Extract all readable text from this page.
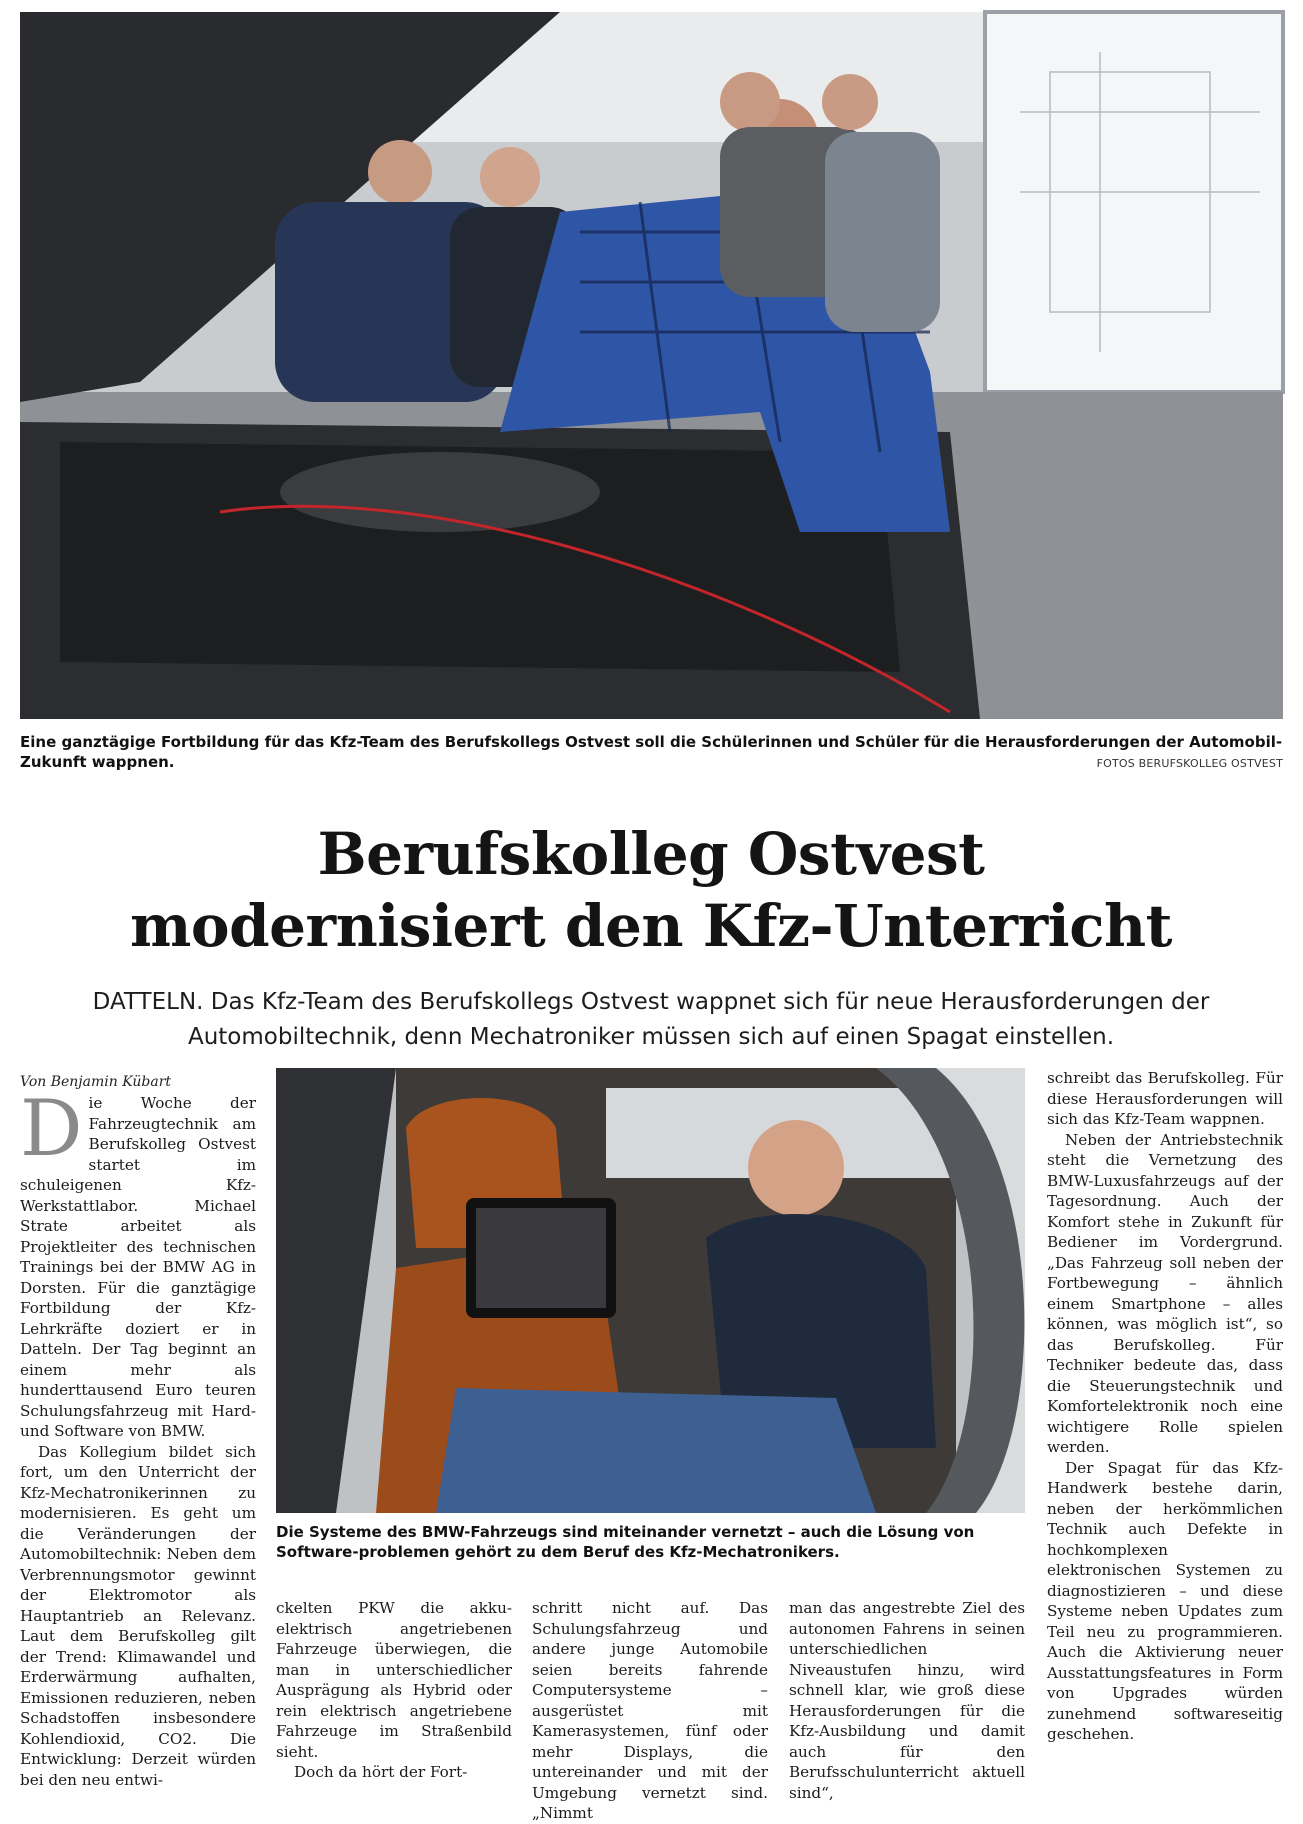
Eine ganztägige Fortbildung für das Kfz-Team des Berufskollegs Ostvest soll die Schülerinnen und Schüler für die Herausforderungen der Automobil-Zukunft wappnen.	FOTOS BERUFSKOLLEG OSTVEST
Berufskolleg Ostvest
modernisiert den Kfz-Unterricht
DATTELN. Das Kfz-Team des Berufskollegs Ostvest wappnet sich für neue Herausforderungen der
Automobiltechnik, denn Mechatroniker müssen sich auf einen Spagat einstellen.
Von Benjamin Kübart

Die Woche der Fahrzeugtechnik am Berufskolleg Ostvest startet im schuleigenen Kfz-Werkstattlabor. Michael Strate arbeitet als Projektleiter des technischen Trainings bei der BMW AG in Dorsten. Für die ganztägige Fortbildung der Kfz-Lehrkräfte doziert er in Datteln. Der Tag beginnt an einem mehr als hunderttausend Euro teuren Schulungsfahrzeug mit Hard- und Software von BMW.

Das Kollegium bildet sich fort, um den Unterricht der Kfz-Mechatronikerinnen zu modernisieren. Es geht um die Veränderungen der Automobiltechnik: Neben dem Verbrennungsmotor gewinnt der Elektromotor als Hauptantrieb an Relevanz. Laut dem Berufskolleg gilt der Trend: Klimawandel und Erderwärmung aufhalten, Emissionen reduzieren, neben Schadstoffen insbesondere Kohlendioxid, CO2. Die Entwicklung: Derzeit würden bei den neu entwi-

Die Systeme des BMW-Fahrzeugs sind miteinander vernetzt – auch die Lösung von Software-problemen gehört zu dem Beruf des Kfz-Mechatronikers.

ckelten PKW die akku-elektrisch angetriebenen Fahrzeuge überwiegen, die man in unterschiedlicher Ausprägung als Hybrid oder rein elektrisch angetriebene Fahrzeuge im Straßenbild sieht.

Doch da hört der Fort-

schritt nicht auf. Das Schulungsfahrzeug und andere junge Automobile seien bereits fahrende Computersysteme – ausgerüstet mit Kamerasystemen, fünf oder mehr Displays, die untereinander und mit der Umgebung vernetzt sind. „Nimmt

man das angestrebte Ziel des autonomen Fahrens in seinen unterschiedlichen Niveaustufen hinzu, wird schnell klar, wie groß diese Herausforderungen für die Kfz-Ausbildung und damit auch für den Berufsschulunterricht aktuell sind“,

schreibt das Berufskolleg. Für diese Herausforderungen will sich das Kfz-Team wappnen.

Neben der Antriebstechnik steht die Vernetzung des BMW-Luxusfahrzeugs auf der Tagesordnung. Auch der Komfort stehe in Zukunft für Bediener im Vordergrund. „Das Fahrzeug soll neben der Fortbewegung – ähnlich einem Smartphone – alles können, was möglich ist“, so das Berufskolleg. Für Techniker bedeute das, dass die Steuerungstechnik und Komfortelektronik noch eine wichtigere Rolle spielen werden.

Der Spagat für das Kfz-Handwerk bestehe darin, neben der herkömmlichen Technik auch Defekte in hochkomplexen elektronischen Systemen zu diagnostizieren – und diese Systeme neben Updates zum Teil neu zu programmieren. Auch die Aktivierung neuer Ausstattungsfeatures in Form von Upgrades würden zunehmend softwareseitig geschehen.
